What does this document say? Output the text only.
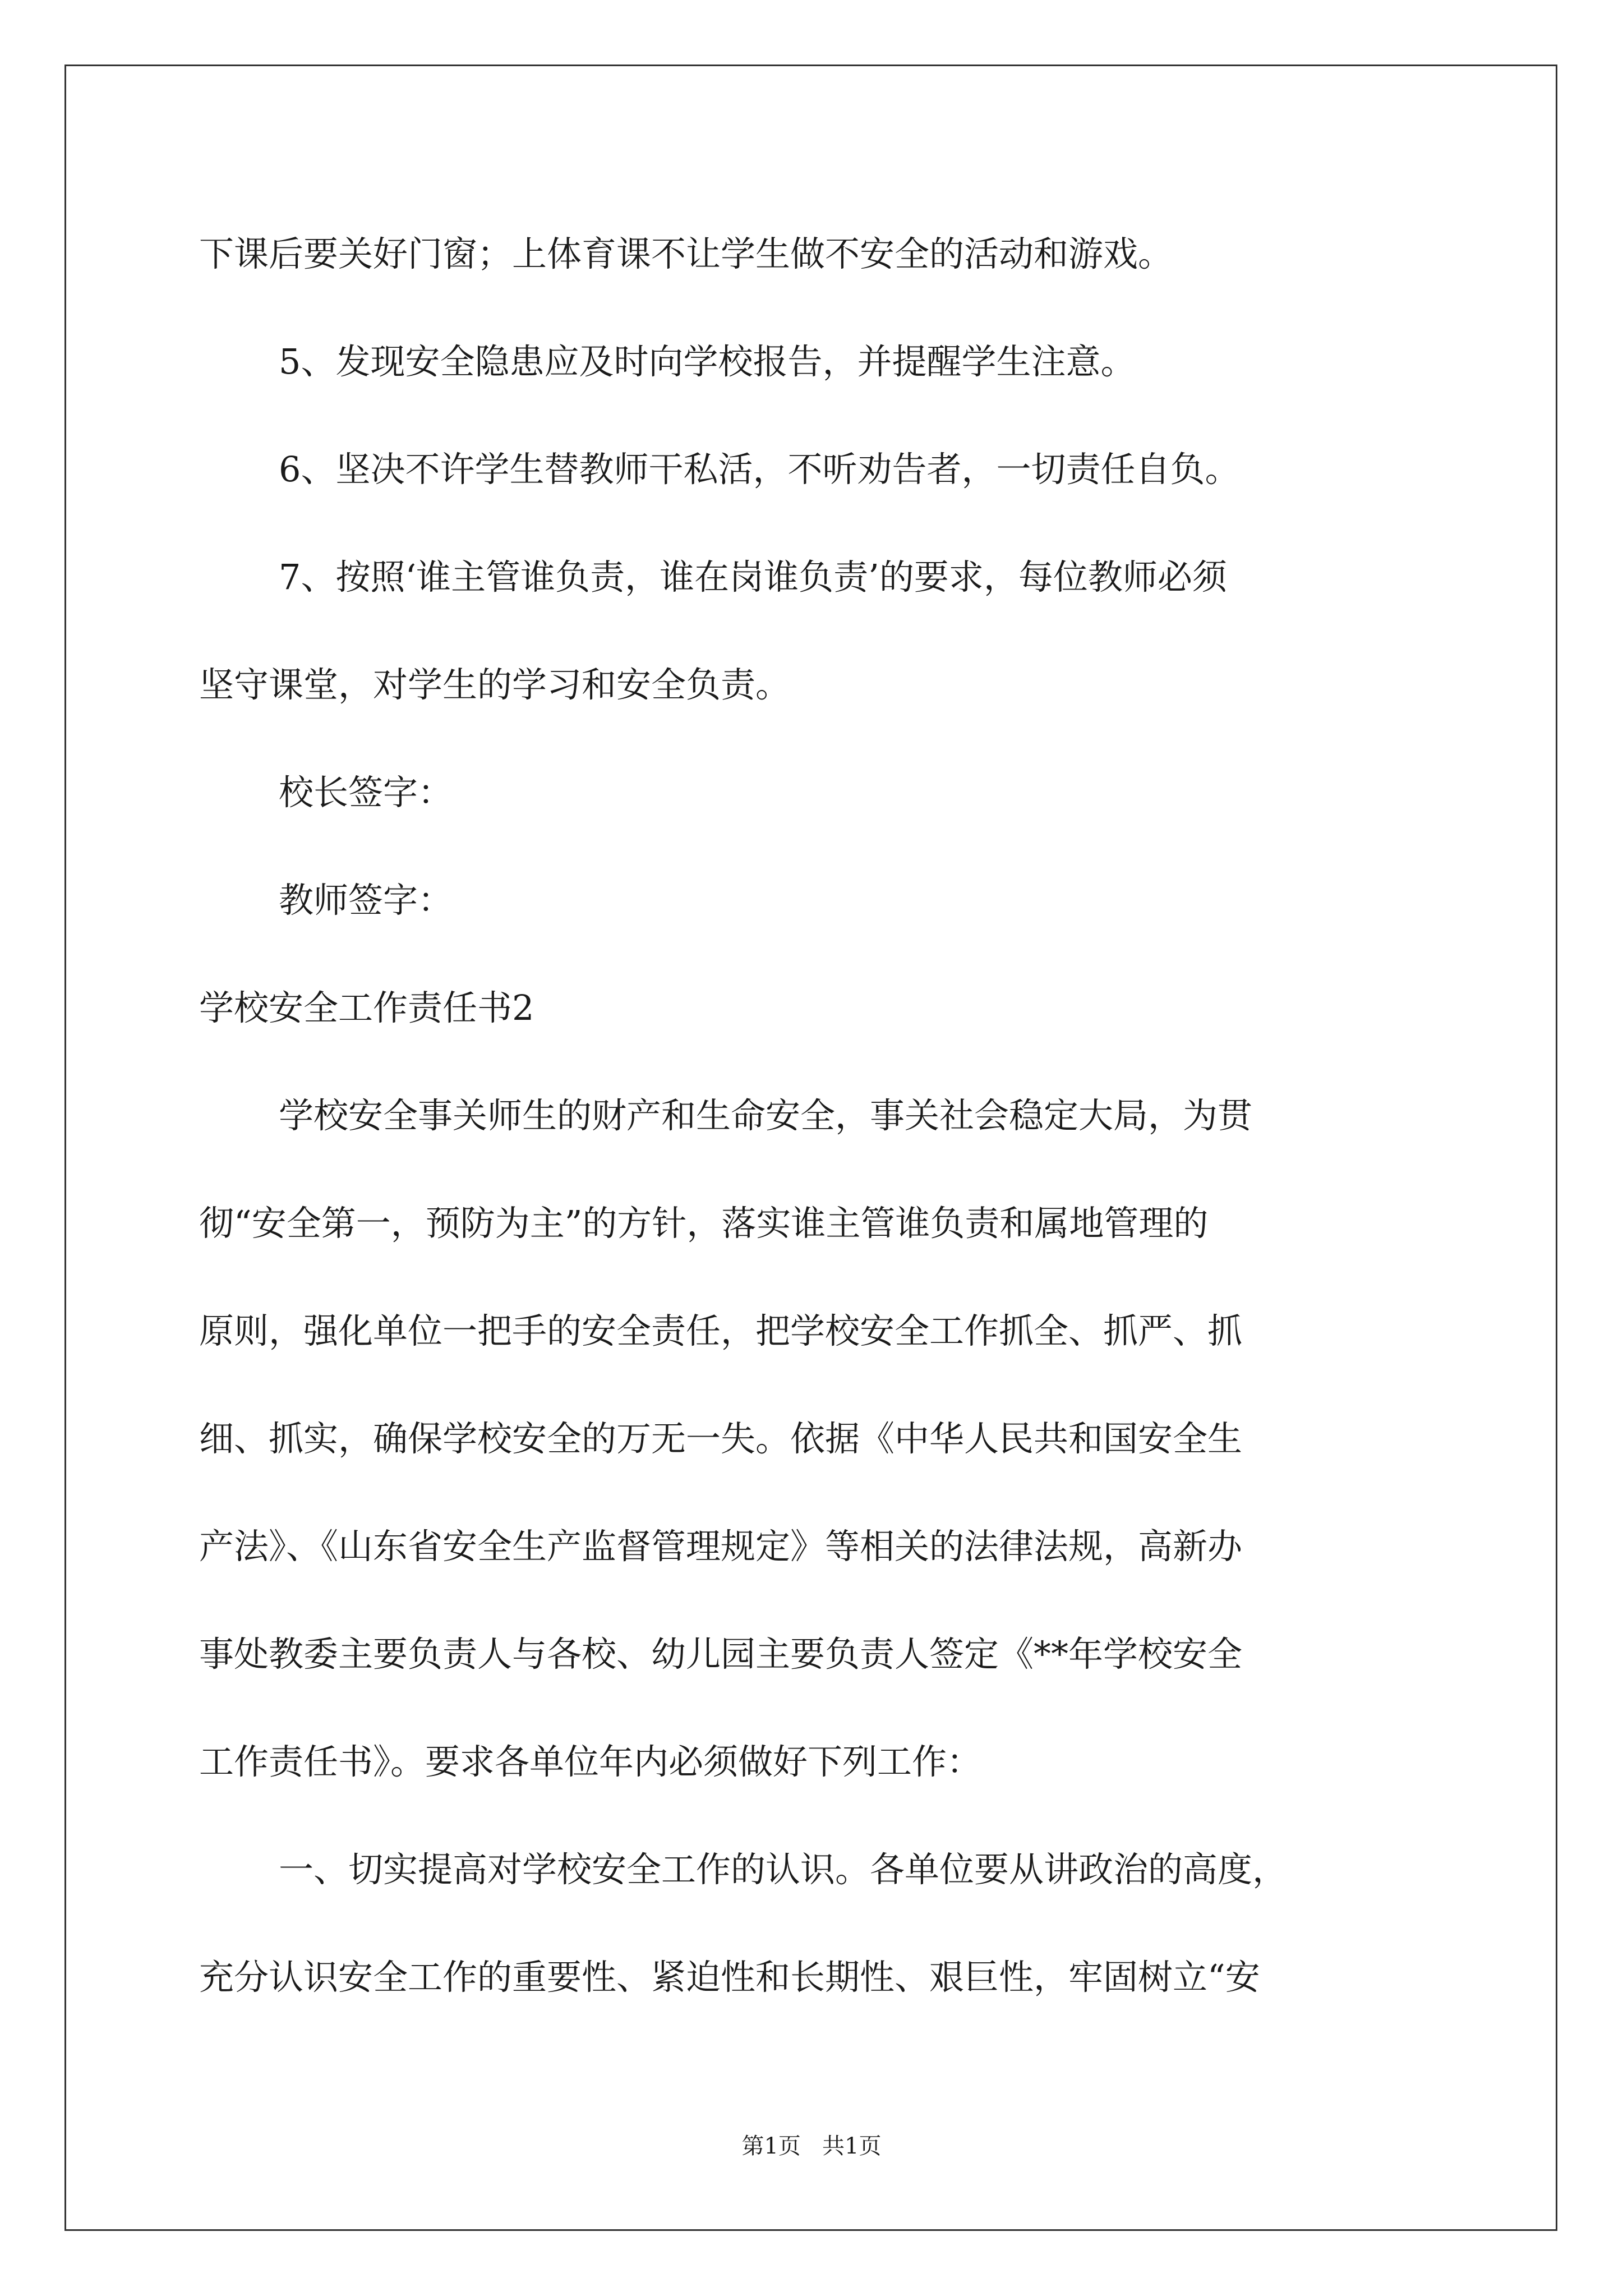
下课后要关好门窗；上体育课不让学生做不安全的活动和游戏。
5、发现安全隐患应及时向学校报告，并提醒学生注意。
6、坚决不许学生替教师干私活，不听劝告者，一切责任自负。
7、按照‘谁主管谁负责，谁在岗谁负责’的要求，每位教师必须
坚守课堂，对学生的学习和安全负责。
校长签字：
教师签字：
学校安全工作责任书2
学校安全事关师生的财产和生命安全，事关社会稳定大局，为贯
彻“安全第一，预防为主”的方针，落实谁主管谁负责和属地管理的
原则，强化单位一把手的安全责任，把学校安全工作抓全、抓严、抓
细、抓实，确保学校安全的万无一失。依据《中华人民共和国安全生
产法》、《山东省安全生产监督管理规定》等相关的法律法规，高新办
事处教委主要负责人与各校、幼儿园主要负责人签定《**年学校安全
工作责任书》。要求各单位年内必须做好下列工作：
一、切实提高对学校安全工作的认识。各单位要从讲政治的高度，
充分认识安全工作的重要性、紧迫性和长期性、艰巨性，牢固树立“安
第1页   共1页
